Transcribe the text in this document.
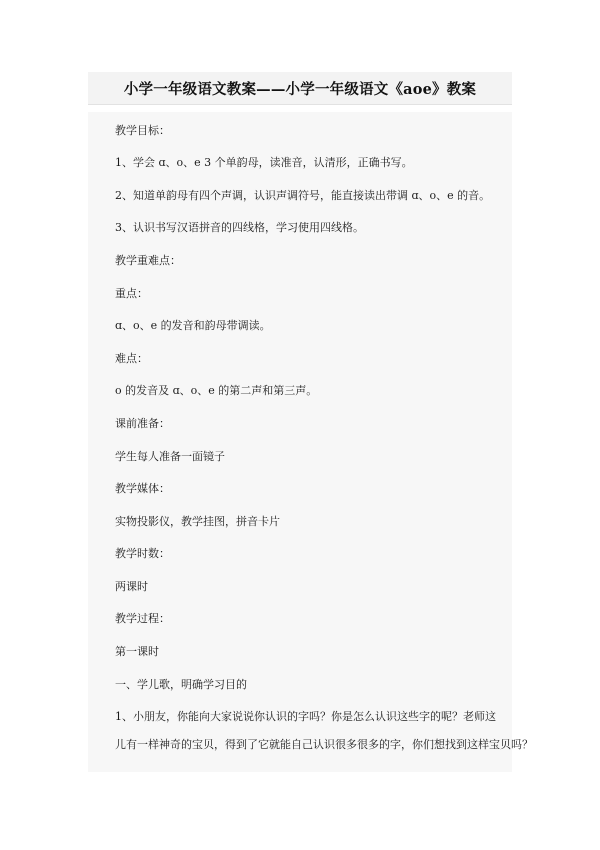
小学一年级语文教案——小学一年级语文《aoe》教案
教学目标：
1、学会 ɑ、o、e 3 个单韵母，读准音，认清形，正确书写。
2、知道单韵母有四个声调，认识声调符号，能直接读出带调 ɑ、o、e 的音。
3、认识书写汉语拼音的四线格，学习使用四线格。
教学重难点：
重点：
ɑ、o、e 的发音和韵母带调读。
难点：
o 的发音及 ɑ、o、e 的第二声和第三声。
课前准备：
学生每人准备一面镜子
教学媒体：
实物投影仪，教学挂图，拼音卡片
教学时数：
两课时
教学过程：
第一课时
一、学儿歌，明确学习目的
1、小朋友，你能向大家说说你认识的字吗？你是怎么认识这些字的呢？老师这
儿有一样神奇的宝贝，得到了它就能自己认识很多很多的字，你们想找到这样宝贝吗？
